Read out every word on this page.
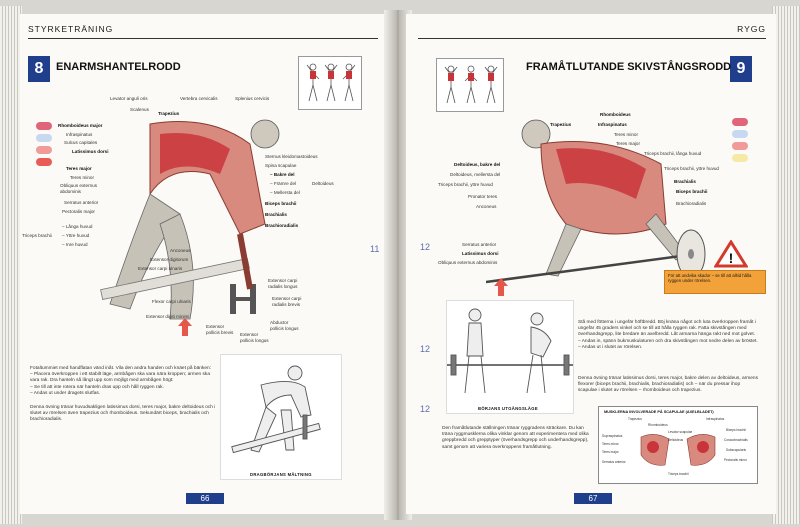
STYRKETRÄNING
8	ENARMSHANTELRODD
Levator anguli oris	Vertebra cervicalis	Splenius cervicis
Scalenus
Trapezius
Rhomboideus major
Infraspinatus
Sulcus capitales
Latissimus dorsi
Teres major
Teres minor
Obliquus externus abdominis
Serratus anterior
Pectoralis major
Triceps brachii
– Långa huvud
– Yttre huvud
– Inre huvud
Sternus kleidomastoideus
Spina scapulae
– Bakre del
– Främre del
– Mellersta del
Deltoideus
Biceps brachii
Brachialis
Brachioradialis
Anconeus
Extensor digitorum
Extensor carpi ulnaris
Flexor carpi ulnaris
Extensor digiti minimi
Extensor carpi radialis longus
Extensor carpi radialis brevis
Extensor pollicis brevis
Abductor pollicis longus
Extensor pollicis longus
11
Fotaltummiet med handflatan vänd inåt. Vila den andra handen och knäet på bänken:
– Placera överkroppen i ett stabilt läge, armbågen ska vara nära kroppen; armen ska vara rak. Dra hanteln så långt upp som möjligt med armbågen högt:
– Se till att inte rotera när hanteln dras upp och håll ryggen rak.
– Andas ut under dragets slutfas.
Denna övning tränar huvudsakligen latissimus dorsi, teres major, bakre deltoideus och i slutet av rörelsen även trapezius och rhomboideus. Sekundärt biceps, brachialis och brachioradialis.
DRAGBÖRJANS MÅLTNING
66
RYGG
9
FRAMÅTLUTANDE SKIVSTÅNGSRODD
Rhomboideus
Trapezius	Infraspinatus
Teres minor
Teres major
Triceps brachii, långa huvud
Triceps brachii, yttre huvud
Brachialis
Biceps brachii
Brachioradialis
Deltoideus, bakre del
Deltoideus, mellersta del
Triceps brachii, yttre huvud
Pronator teres
Anconeus
Serratus anterior
Latissimus dorsi
Obliquus externus abdominis	!
För att undvika skador – se till att alltid hålla ryggen under rörelsen.
12
12
12	BÖRJANS UTGÅNGSLÄGE
Stå med fötterna i ungefär höftbredd. Böj knäna något och luta överkroppen framåt i ungefär 45 graders vinkel och se till att hålla ryggen rak. Fatta skivstången med överhandsgrepp, lite bredare än axelbredd. Låt armarna hänga rakt ned mot golvet.
– Andas in, spänn bukmuskulaturen och dra skivstången mot nedre delen av bröstet.
– Andas ut i slutet av rörelsen.
Denna övning tränar latissimus dorsi, teres major, bakre delen av deltoideus, armens flexorer (biceps brachii, brachialis, brachioradialis) och – när du pressar ihop scapulae i slutet av rörelsen – rhomboideus och trapezius.
Den framåtlutande ställningen tränar ryggradens sträckare. Du kan träna ryggmusklerna olika vinklar genom att experimentera med olika greppbredd och grepptyper (överhandsgrepp och underhandsgrepp), samt genom att variera överkroppens framåtlutning.
MUSKLERNA INVOLVERADE PÅ SCAPULAE (AXELBLADET)
Trapezius
Rhomboideus
Infraspinatus
Supraspinatus
Teres minor
Teres major
Levator scapulae
Deltoideus
Serratus anterior
Biceps brachii
Coracobrachialis
Subscapularis
Pectoralis minor
Triceps brachii
67
